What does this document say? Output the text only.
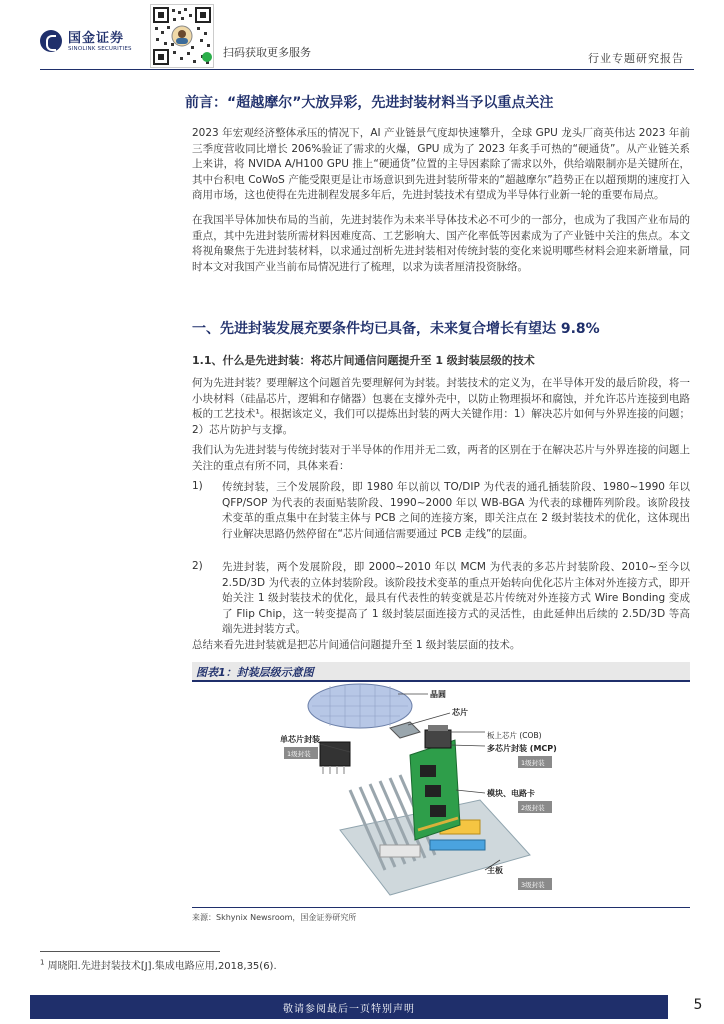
国金证券
SINOLINK SECURITIES	扫码获取更多服务	行业专题研究报告
前言：“超越摩尔”大放异彩，先进封装材料当予以重点关注

2023 年宏观经济整体承压的情况下，AI 产业链景气度却快速攀升，全球 GPU 龙头厂商英伟达 2023 年前三季度营收同比增长 206%验证了需求的火爆，GPU 成为了 2023 年炙手可热的“硬通货”。从产业链关系上来讲，将 NVIDA A/H100 GPU 推上“硬通货”位置的主导因素除了需求以外，供给端限制亦是关键所在，其中台积电 CoWoS 产能受限更是让市场意识到先进封装所带来的“超越摩尔”趋势正在以超预期的速度打入商用市场，这也使得在先进制程发展多年后，先进封装技术有望成为半导体行业新一轮的重要布局点。

在我国半导体加快布局的当前，先进封装作为未来半导体技术必不可少的一部分，也成为了我国产业布局的重点，其中先进封装所需材料因难度高、工艺影响大、国产化率低等因素成为了产业链中关注的焦点。本文将视角聚焦于先进封装材料，以求通过剖析先进封装相对传统封装的变化来说明哪些材料会迎来新增量，同时本文对我国产业当前布局情况进行了梳理，以求为读者厘清投资脉络。

一、先进封装发展充要条件均已具备，未来复合增长有望达 9.8%
1.1、什么是先进封装：将芯片间通信问题提升至 1 级封装层级的技术

何为先进封装？要理解这个问题首先要理解何为封装。封装技术的定义为，在半导体开发的最后阶段，将一小块材料（硅晶芯片，逻辑和存储器）包裹在支撑外壳中，以防止物理损坏和腐蚀，并允许芯片连接到电路板的工艺技术¹。根据该定义，我们可以提炼出封装的两大关键作用：1）解决芯片如何与外界连接的问题；2）芯片防护与支撑。

我们认为先进封装与传统封装对于半导体的作用并无二致，两者的区别在于在解决芯片与外界连接的问题上关注的重点有所不同，具体来看：

1) 传统封装，三个发展阶段，即 1980 年以前以 TO/DIP 为代表的通孔插装阶段、1980~1990 年以 QFP/SOP 为代表的表面贴装阶段、1990~2000 年以 WB-BGA 为代表的球栅阵列阶段。该阶段技术变革的重点集中在封装主体与 PCB 之间的连接方案，即关注点在 2 级封装技术的优化，这体现出行业解决思路仍然停留在“芯片间通信需要通过 PCB 走线”的层面。

2) 先进封装，两个发展阶段，即 2000~2010 年以 MCM 为代表的多芯片封装阶段、2010~至今以 2.5D/3D 为代表的立体封装阶段。该阶段技术变革的重点开始转向优化芯片主体对外连接方式，即开始关注 1 级封装技术的优化，最具有代表性的转变就是芯片传统对外连接方式 Wire Bonding 变成了 Flip Chip，这一转变提高了 1 级封装层面连接方式的灵活性，由此延伸出后续的 2.5D/3D 等高端先进封装方式。

总结来看先进封装就是把芯片间通信问题提升至 1 级封装层面的技术。

图表1：封装层级示意图
晶圆
芯片
板上芯片 (COB)
多芯片封装 (MCP)
1级封装
单芯片封装
1级封装
模块、电路卡
2级封装
主板
3级封装
来源：Skhynix Newsroom，国金证券研究所
$^1$ 周晓阳.先进封装技术[J].集成电路应用,2018,35(6).
敬请参阅最后一页特别声明	5
